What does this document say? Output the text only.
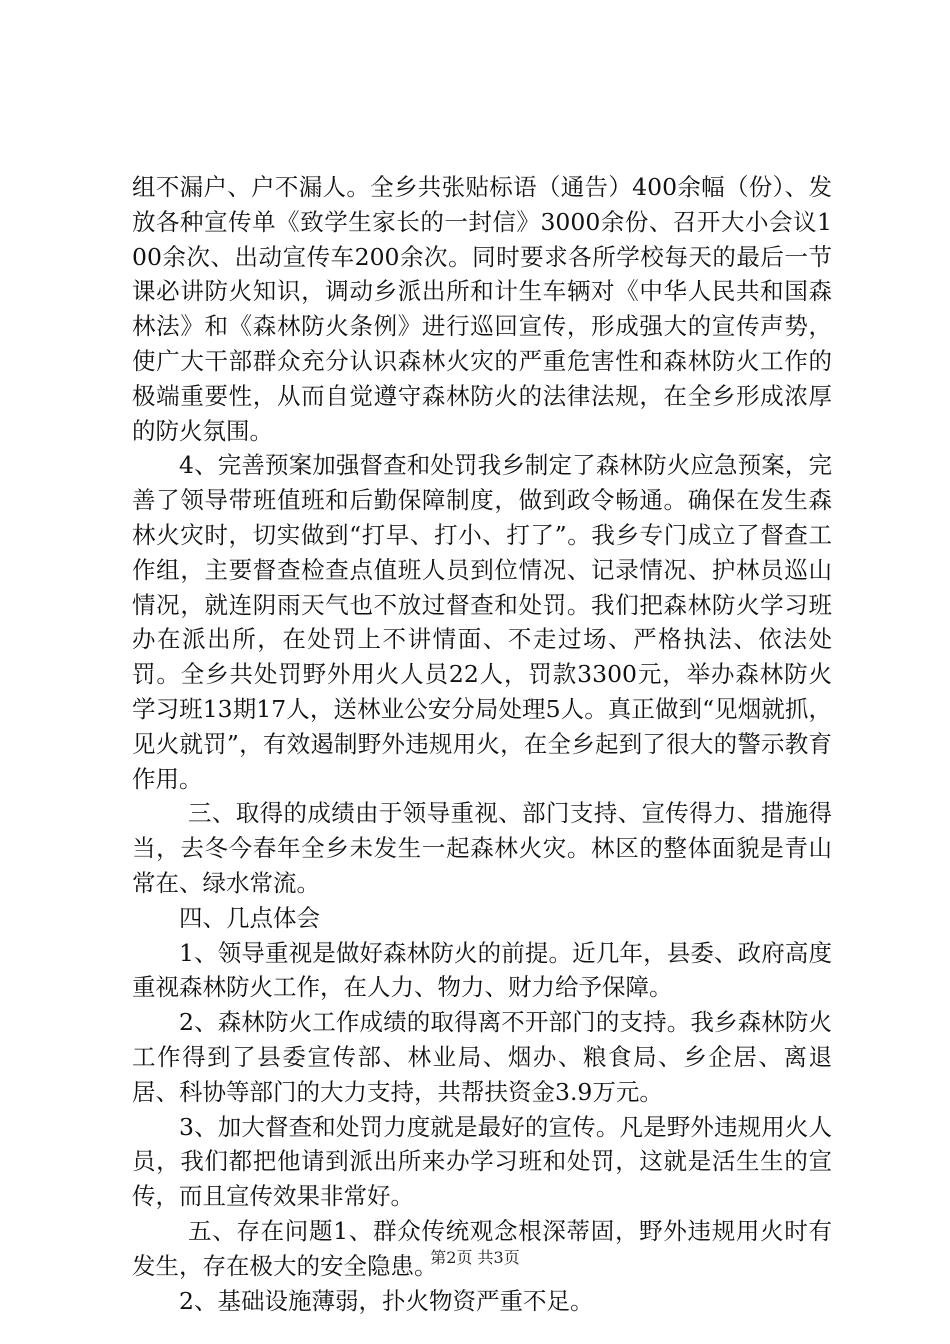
组不漏户、户不漏人。全乡共张贴标语（通告）400余幅（份）、发放各种宣传单《致学生家长的一封信》3000余份、召开大小会议100余次、出动宣传车200余次。同时要求各所学校每天的最后一节课必讲防火知识，调动乡派出所和计生车辆对《中华人民共和国森林法》和《森林防火条例》进行巡回宣传，形成强大的宣传声势，使广大干部群众充分认识森林火灾的严重危害性和森林防火工作的极端重要性，从而自觉遵守森林防火的法律法规，在全乡形成浓厚的防火氛围。

4、完善预案加强督查和处罚我乡制定了森林防火应急预案，完善了领导带班值班和后勤保障制度，做到政令畅通。确保在发生森林火灾时，切实做到“打早、打小、打了”。我乡专门成立了督查工作组，主要督查检查点值班人员到位情况、记录情况、护林员巡山情况，就连阴雨天气也不放过督查和处罚。我们把森林防火学习班办在派出所，在处罚上不讲情面、不走过场、严格执法、依法处罚。全乡共处罚野外用火人员22人，罚款3300元，举办森林防火学习班13期17人，送林业公安分局处理5人。真正做到“见烟就抓，见火就罚”，有效遏制野外违规用火，在全乡起到了很大的警示教育作用。

三、取得的成绩由于领导重视、部门支持、宣传得力、措施得当，去冬今春年全乡未发生一起森林火灾。林区的整体面貌是青山常在、绿水常流。

四、几点体会

1、领导重视是做好森林防火的前提。近几年，县委、政府高度重视森林防火工作，在人力、物力、财力给予保障。

2、森林防火工作成绩的取得离不开部门的支持。我乡森林防火工作得到了县委宣传部、林业局、烟办、粮食局、乡企居、离退居、科协等部门的大力支持，共帮扶资金3.9万元。

3、加大督查和处罚力度就是最好的宣传。凡是野外违规用火人员，我们都把他请到派出所来办学习班和处罚，这就是活生生的宣传，而且宣传效果非常好。

五、存在问题1、群众传统观念根深蒂固，野外违规用火时有发生，存在极大的安全隐患。

2、基础设施薄弱，扑火物资严重不足。

第2页 共3页
